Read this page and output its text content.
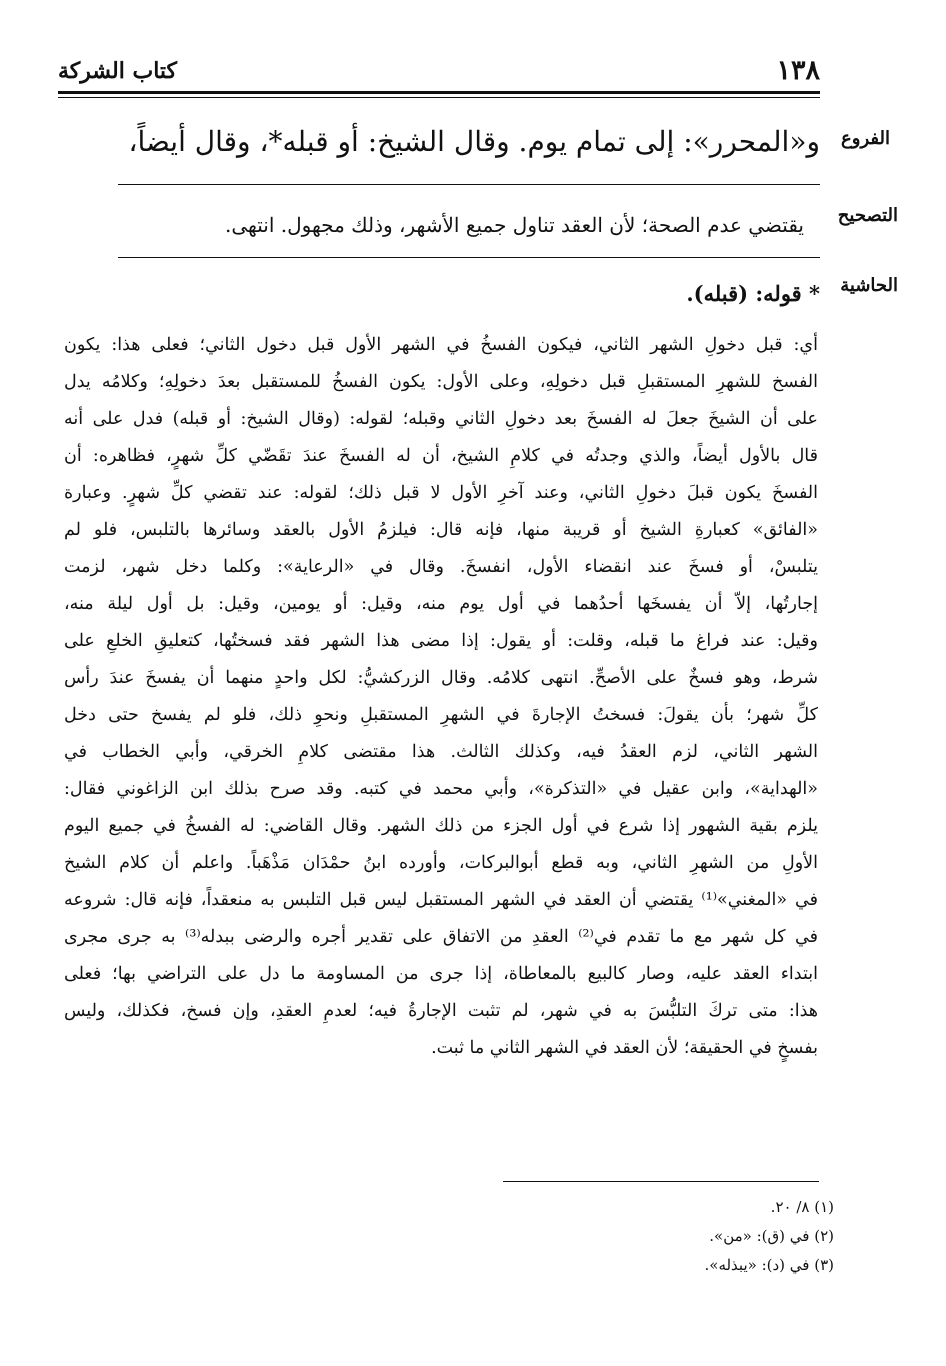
١٣٨
كتاب الشركة
الفروع
و«المحرر»: إلى تمام يوم. وقال الشيخ: أو قبله*، وقال أيضاً،
التصحيح
يقتضي عدم الصحة؛ لأن العقد تناول جميع الأشهر، وذلك مجهول. انتهى.
الحاشية
* قوله: (قبله).
أي: قبل دخولِ الشهر الثاني، فيكون الفسخُ في الشهر الأول قبل دخول الثاني؛ فعلى هذا: يكون
الفسخ للشهرِ المستقبلِ قبل دخولِهِ، وعلى الأول: يكون الفسخُ للمستقبل بعدَ دخولِهِ؛ وكلامُه يدل
على أن الشيخَ جعلَ له الفسخَ بعد دخولِ الثاني وقبله؛ لقوله: (وقال الشيخ: أو قبله) فدل على أنه
قال بالأول أيضاً، والذي وجدتُه في كلامِ الشيخ، أن له الفسخَ عندَ تقَضّي كلِّ شهرٍ، فظاهره: أن
الفسخَ يكون قبلَ دخولِ الثاني، وعند آخرِ الأول لا قبل ذلك؛ لقوله: عند تقضي كلِّ شهرٍ. وعبارة
«الفائق» كعبارةِ الشيخ أو قريبة منها، فإنه قال: فيلزمُ الأول بالعقد وسائرها بالتلبس، فلو لم
يتلبسْ، أو فسخَ عند انقضاء الأول، انفسخَ. وقال في «الرعاية»: وكلما دخل شهر، لزمت
إجارتُها، إلاّ أن يفسخَها أحدُهما في أول يوم منه، وقيل: أو يومين، وقيل: بل أول ليلة منه،
وقيل: عند فراغ ما قبله، وقلت: أو يقول: إذا مضى هذا الشهر فقد فسختُها، كتعليقِ الخلعِ على
شرط، وهو فسخٌ على الأصحِّ. انتهى كلامُه. وقال الزركشيُّ: لكل واحدٍ منهما أن يفسخَ عندَ رأس
كلِّ شهر؛ بأن يقولَ: فسختُ الإجارةَ في الشهرِ المستقبلِ ونحوِ ذلك، فلو لم يفسخ حتى دخل
الشهر الثاني، لزم العقدُ فيه، وكذلك الثالث. هذا مقتضى كلامِ الخرقي، وأبي الخطاب في
«الهداية»، وابن عقيل في «التذكرة»، وأبي محمد في كتبه. وقد صرح بذلك ابن الزاغوني فقال:
يلزم بقية الشهور إذا شرع في أول الجزء من ذلك الشهر. وقال القاضي: له الفسخُ في جميع اليوم
الأولِ من الشهرِ الثاني، وبه قطع أبوالبركات، وأورده ابنُ حمْدَان مَذْهَباً. واعلم أن كلام الشيخ
في «المغني»⁽¹⁾ يقتضي أن العقد في الشهر المستقبل ليس قبل التلبس به منعقداً، فإنه قال: شروعه
في كل شهر مع ما تقدم في⁽²⁾ العقدِ من الاتفاق على تقدير أجره والرضى ببدله⁽³⁾ به جرى مجرى
ابتداء العقد عليه، وصار كالبيع بالمعاطاة، إذا جرى من المساومة ما دل على التراضي بها؛ فعلى
هذا: متى تركَ التلبُّسَ به في شهر، لم تثبت الإجارةُ فيه؛ لعدمِ العقدِ، وإن فسخ، فكذلك، وليس
بفسخٍ في الحقيقة؛ لأن العقد في الشهر الثاني ما ثبت.
(١) ٨/ ٢٠.
(٢) في (ق): «من».
(٣) في (د): «يبذله».
